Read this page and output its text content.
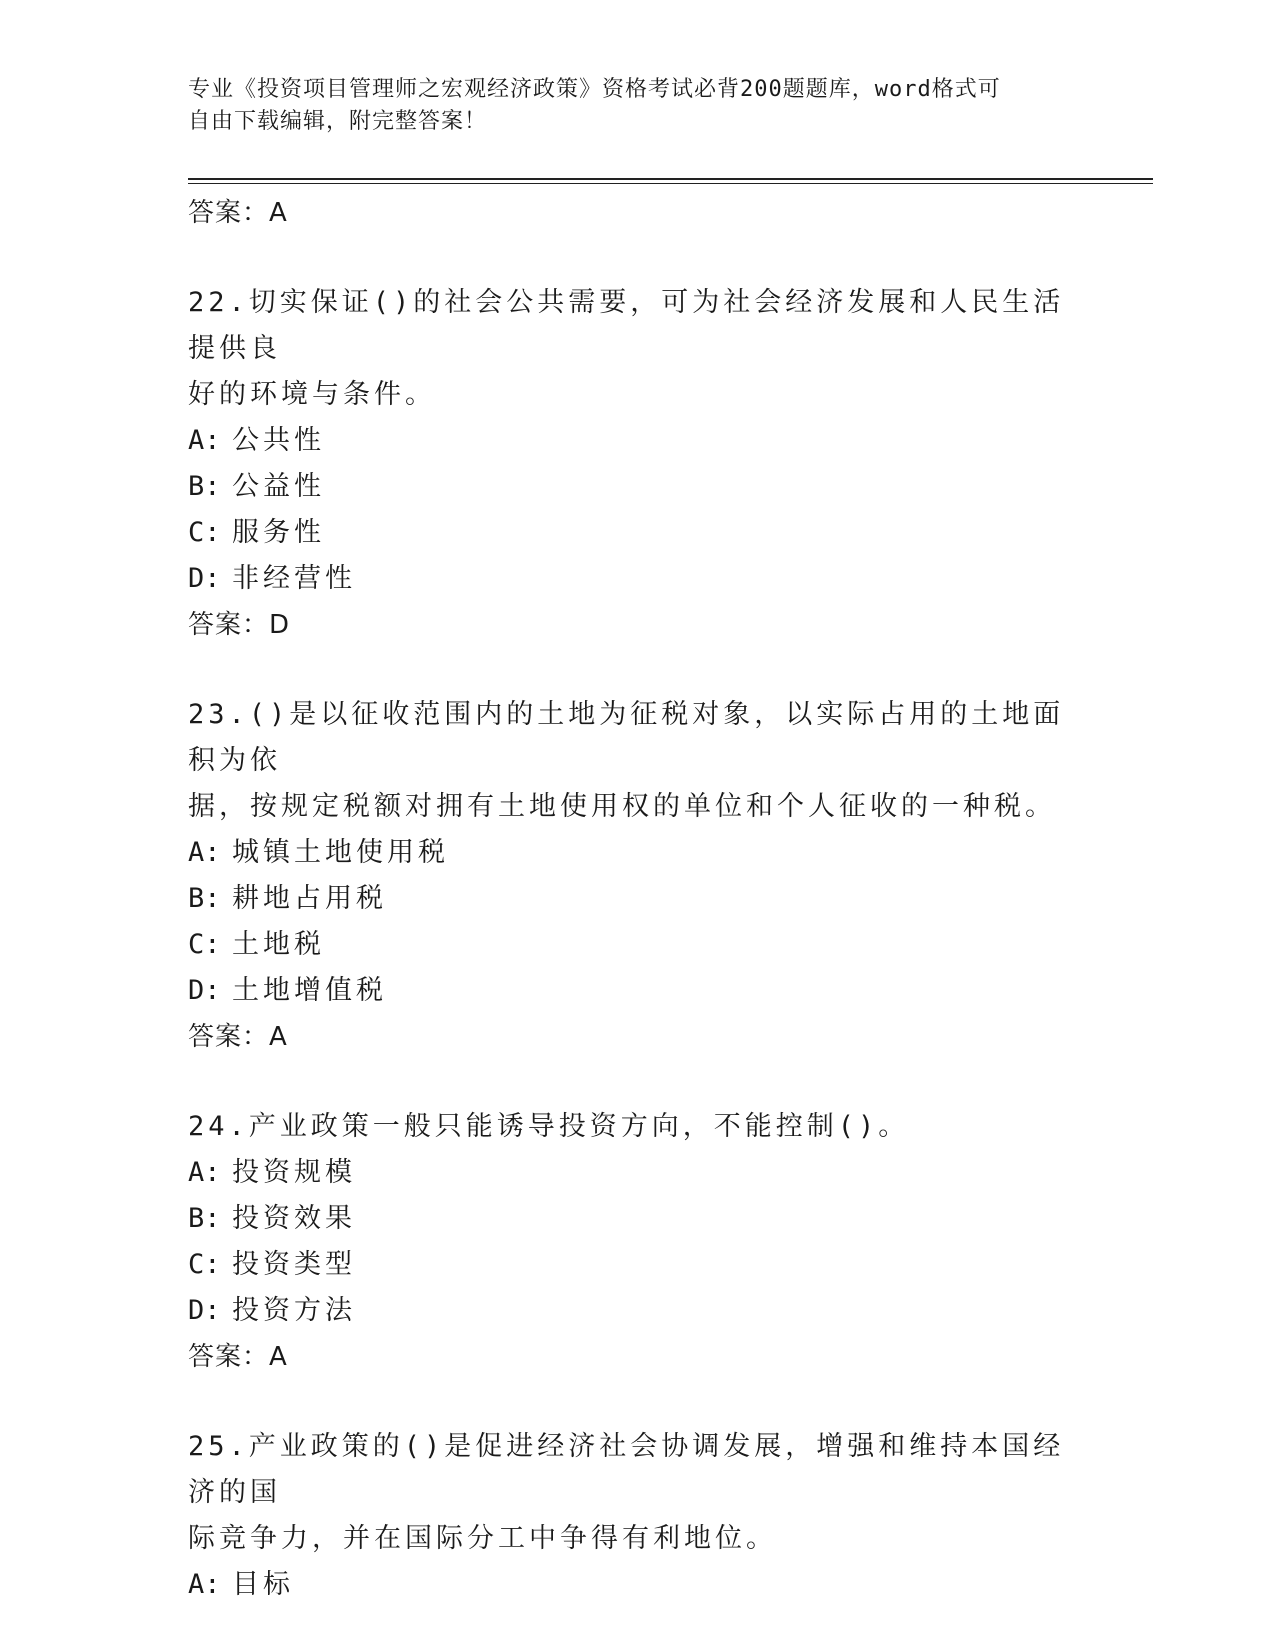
专业《投资项目管理师之宏观经济政策》资格考试必背200题题库，word格式可
自由下载编辑，附完整答案！
答案：A
22.切实保证()的社会公共需要，可为社会经济发展和人民生活提供良
好的环境与条件。
A: 公共性
B: 公益性
C: 服务性
D: 非经营性
答案：D
23.()是以征收范围内的土地为征税对象，以实际占用的土地面积为依
据，按规定税额对拥有土地使用权的单位和个人征收的一种税。
A: 城镇土地使用税
B: 耕地占用税
C: 土地税
D: 土地增值税
答案：A
24.产业政策一般只能诱导投资方向，不能控制()。
A: 投资规模
B: 投资效果
C: 投资类型
D: 投资方法
答案：A
25.产业政策的()是促进经济社会协调发展，增强和维持本国经济的国
际竞争力，并在国际分工中争得有利地位。
A: 目标
